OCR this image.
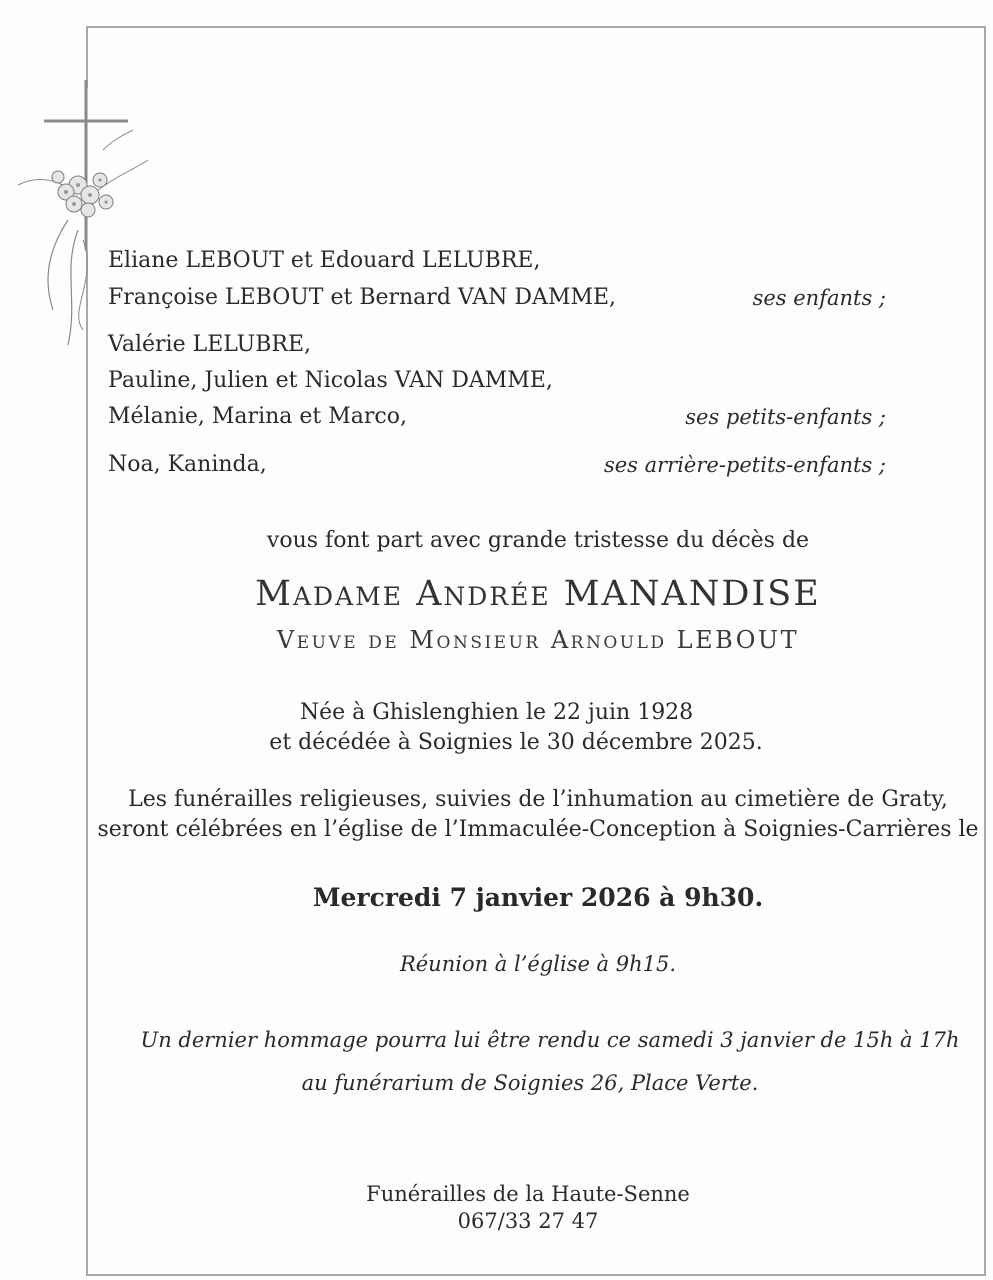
Eliane LEBOUT et Edouard LELUBRE,
Françoise LEBOUT et Bernard VAN DAMME,	ses enfants ;
Valérie LELUBRE,
Pauline, Julien et Nicolas VAN DAMME,
Mélanie, Marina et Marco,	ses petits-enfants ;
Noa, Kaninda,	ses arrière-petits-enfants ;
vous font part avec grande tristesse du décès de
Madame Andrée MANANDISE
Veuve de Monsieur Arnould LEBOUT
Née à Ghislenghien le 22 juin 1928
et décédée à Soignies le 30 décembre 2025.
Les funérailles religieuses, suivies de l’inhumation au cimetière de Graty,
seront célébrées en l’église de l’Immaculée-Conception à Soignies-Carrières le
Mercredi 7 janvier 2026 à 9h30.
Réunion à l’église à 9h15.
Un dernier hommage pourra lui être rendu ce samedi 3 janvier de 15h à 17h
au funérarium de Soignies 26, Place Verte.
Funérailles de la Haute-Senne
067/33 27 47
